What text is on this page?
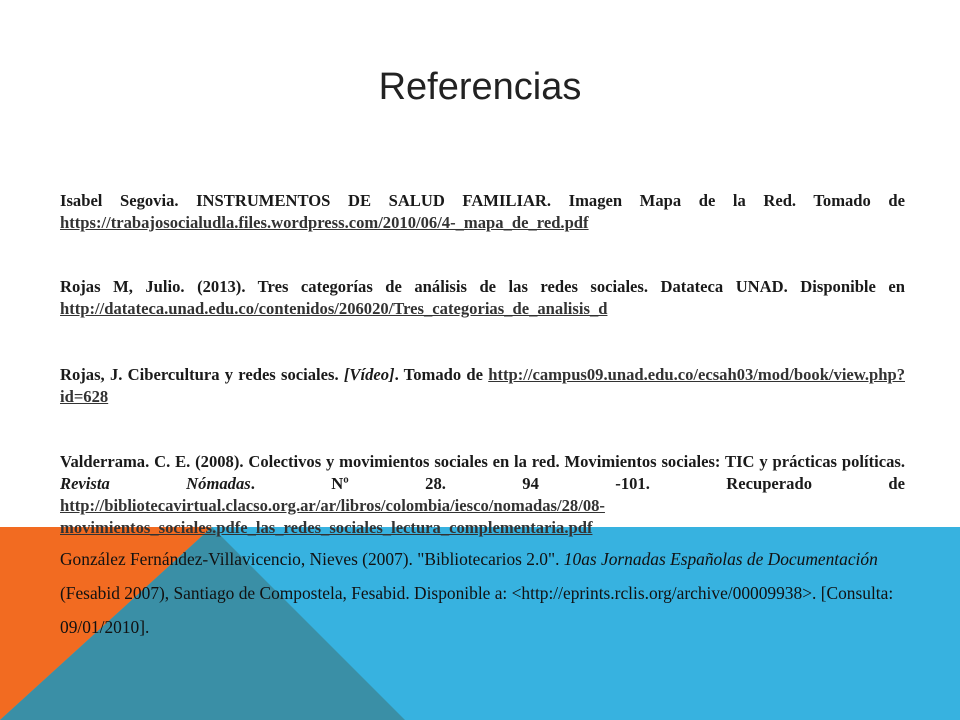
Referencias

Isabel Segovia. INSTRUMENTOS DE SALUD FAMILIAR. Imagen Mapa de la Red. Tomado de https://trabajosocialudla.files.wordpress.com/2010/06/4-_mapa_de_red.pdf

Rojas M, Julio. (2013). Tres categorías de análisis de las redes sociales. Datateca UNAD. Disponible en http://datateca.unad.edu.co/contenidos/206020/Tres_categorias_de_analisis_d

Rojas, J. Cibercultura y redes sociales. [Vídeo]. Tomado de http://campus09.unad.edu.co/ecsah03/mod/book/view.php?id=628

Valderrama. C. E. (2008). Colectivos y movimientos sociales en la red. Movimientos sociales: TIC y prácticas políticas. Revista Nómadas. Nº 28. 94 -101. Recuperado de http://bibliotecavirtual.clacso.org.ar/ar/libros/colombia/iesco/nomadas/28/08-movimientos_sociales.pdfe_las_redes_sociales_lectura_complementaria.pdf

González Fernández-Villavicencio, Nieves (2007). "Bibliotecarios 2.0". 10as Jornadas Españolas de Documentación (Fesabid 2007), Santiago de Compostela, Fesabid. Disponible a: <http://eprints.rclis.org/archive/00009938>. [Consulta: 09/01/2010].
